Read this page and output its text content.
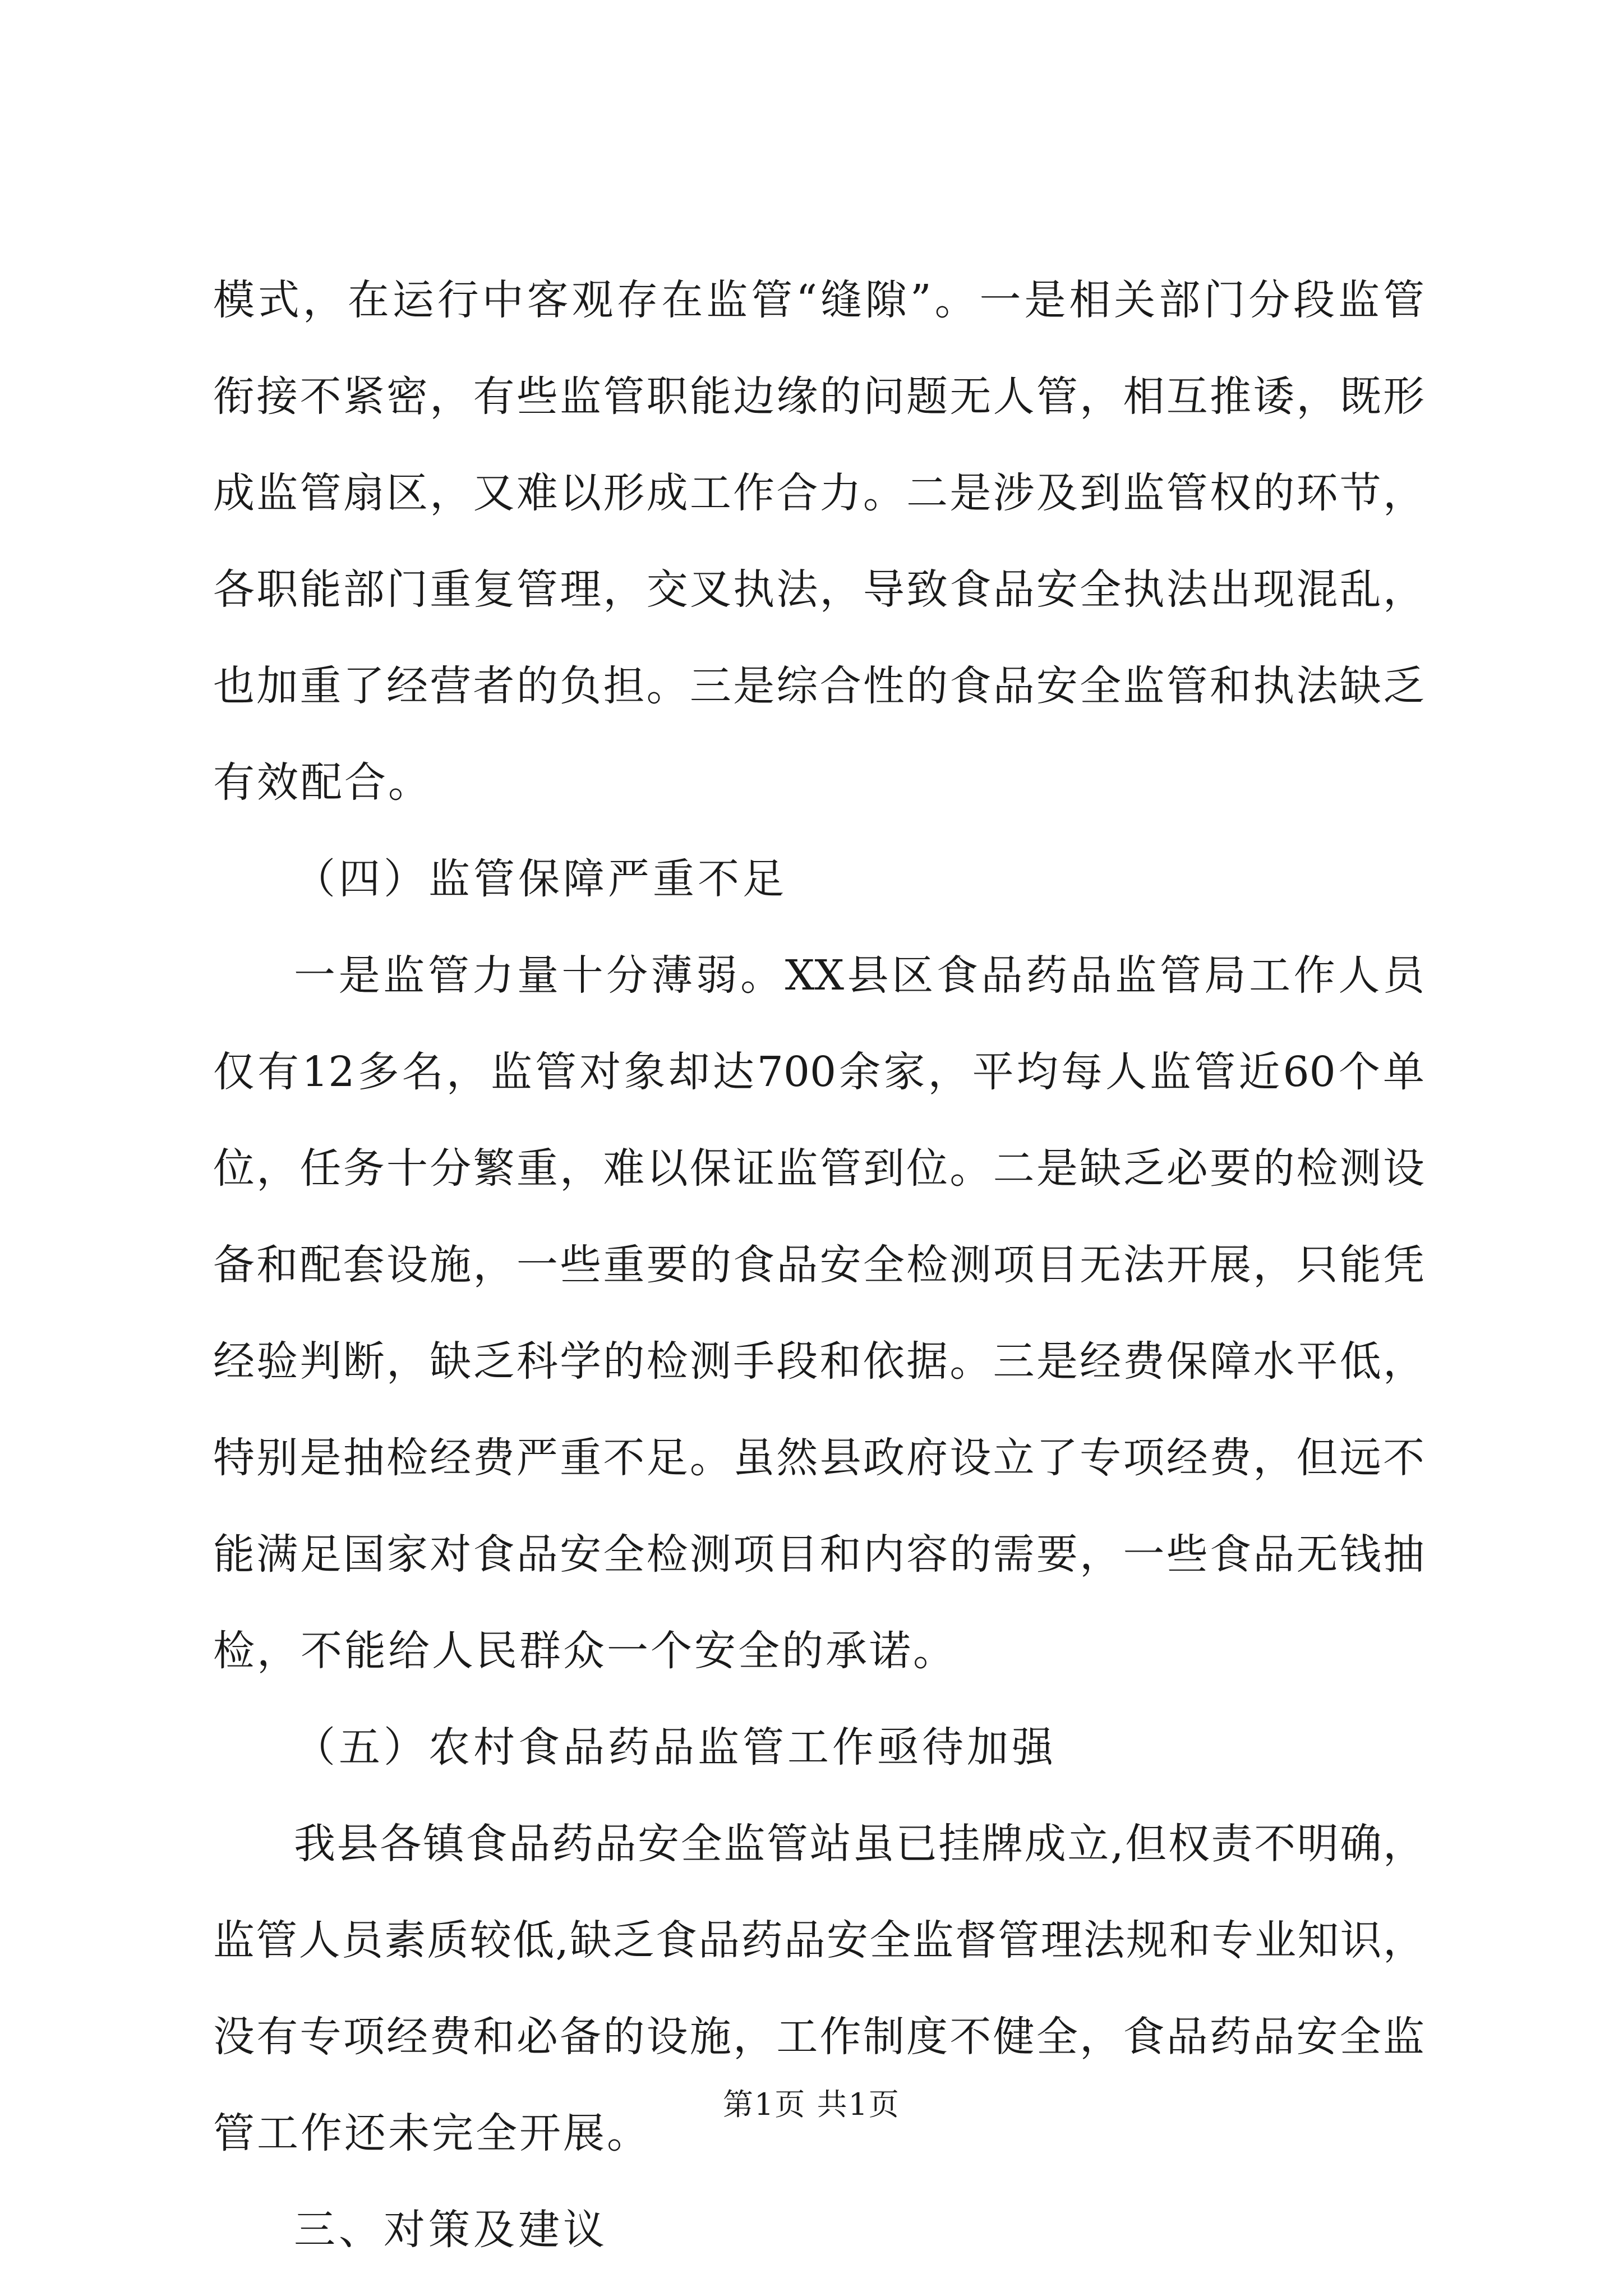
模式，在运行中客观存在监管“缝隙”。一是相关部门分段监管
衔接不紧密，有些监管职能边缘的问题无人管，相互推诿，既形
成监管扇区，又难以形成工作合力。二是涉及到监管权的环节，
各职能部门重复管理，交叉执法，导致食品安全执法出现混乱，
也加重了经营者的负担。三是综合性的食品安全监管和执法缺乏
有效配合。
（四）监管保障严重不足
一是监管力量十分薄弱。XX县区食品药品监管局工作人员
仅有12多名，监管对象却达700余家，平均每人监管近60个单
位，任务十分繁重，难以保证监管到位。二是缺乏必要的检测设
备和配套设施，一些重要的食品安全检测项目无法开展，只能凭
经验判断，缺乏科学的检测手段和依据。三是经费保障水平低，
特别是抽检经费严重不足。虽然县政府设立了专项经费，但远不
能满足国家对食品安全检测项目和内容的需要，一些食品无钱抽
检，不能给人民群众一个安全的承诺。
（五）农村食品药品监管工作亟待加强
我县各镇食品药品安全监管站虽已挂牌成立,但权责不明确，
监管人员素质较低,缺乏食品药品安全监督管理法规和专业知识，
没有专项经费和必备的设施，工作制度不健全，食品药品安全监
管工作还未完全开展。
三、对策及建议
第1页 共1页
